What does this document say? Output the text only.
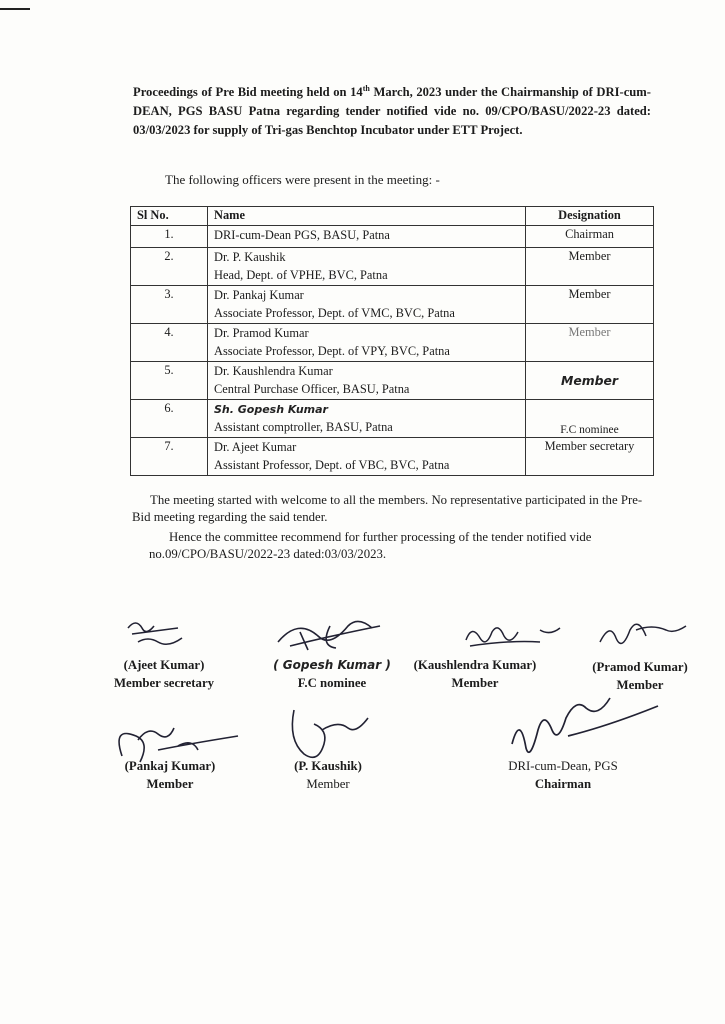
Proceedings of Pre Bid meeting held on 14th March, 2023 under the Chairmanship of DRI-cum-DEAN, PGS BASU Patna regarding tender notified vide no. 09/CPO/BASU/2022-23 dated: 03/03/2023 for supply of Tri-gas Benchtop Incubator under ETT Project.
The following officers were present in the meeting: -
Sl No.	Name	Designation
1.	DRI-cum-Dean PGS, BASU, Patna	Chairman
2.	Dr. P. Kaushik
Head, Dept. of VPHE, BVC, Patna	Member
3.	Dr. Pankaj Kumar
Associate Professor, Dept. of VMC, BVC, Patna	Member
4.	Dr. Pramod Kumar
Associate Professor, Dept. of VPY, BVC, Patna	Member
5.	Dr. Kaushlendra Kumar
Central Purchase Officer, BASU, Patna	Member
6.	Sh. Gopesh Kumar
Assistant comptroller, BASU, Patna	F.C nominee
7.	Dr. Ajeet Kumar
Assistant Professor, Dept. of VBC, BVC, Patna	Member secretary
The meeting started with welcome to all the members. No representative participated in the Pre-Bid meeting regarding the said tender.
Hence the committee recommend for further processing of the tender notified vide no.09/CPO/BASU/2022-23 dated:03/03/2023.
(Ajeet Kumar)
Member secretary
( Gopesh Kumar )
F.C nominee
(Kaushlendra Kumar)
Member
(Pramod Kumar)
Member
(Pankaj Kumar)
Member
(P. Kaushik)
Member
DRI-cum-Dean, PGS
Chairman
